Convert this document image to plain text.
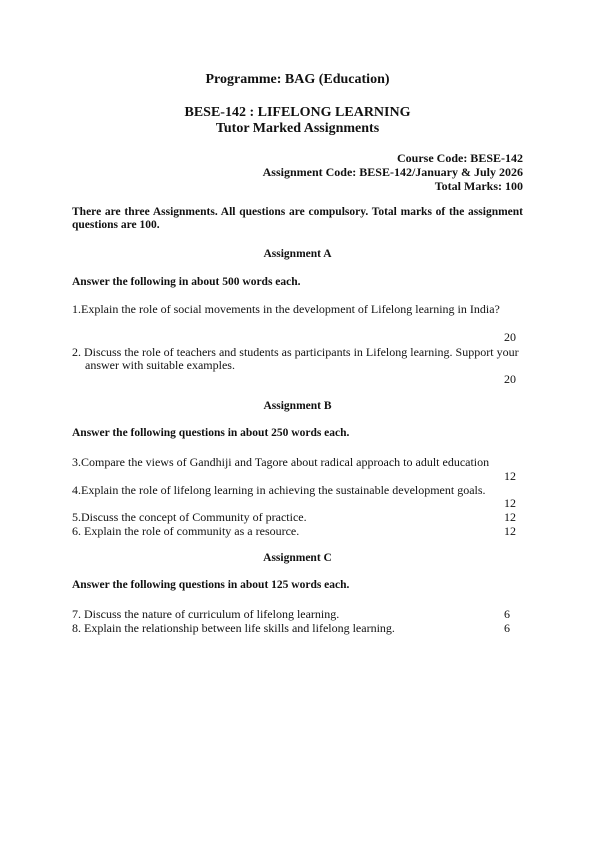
Programme: BAG (Education)
BESE-142 : LIFELONG LEARNING
Tutor Marked Assignments
Course Code: BESE-142
Assignment Code: BESE-142/January & July 2026
Total Marks: 100
There are three Assignments. All questions are compulsory. Total marks of the assignment questions are 100.
Assignment A
Answer the following in about 500 words each.
1.Explain the role of social movements in the development of Lifelong learning in India?
20
2. Discuss the role of teachers and students as participants in Lifelong learning. Support your
answer with suitable examples.
20
Assignment B
Answer the following questions in about 250 words each.
3.Compare the views of Gandhiji and Tagore about radical approach to adult education
12
4.Explain the role of lifelong learning in achieving the sustainable development goals.
12
5.Discuss the concept of Community of practice.	12
6. Explain the role of community as a resource.	12
Assignment C
Answer the following questions in about 125 words each.
7. Discuss the nature of curriculum of lifelong learning.	6
8. Explain the relationship between life skills and lifelong learning.	6
